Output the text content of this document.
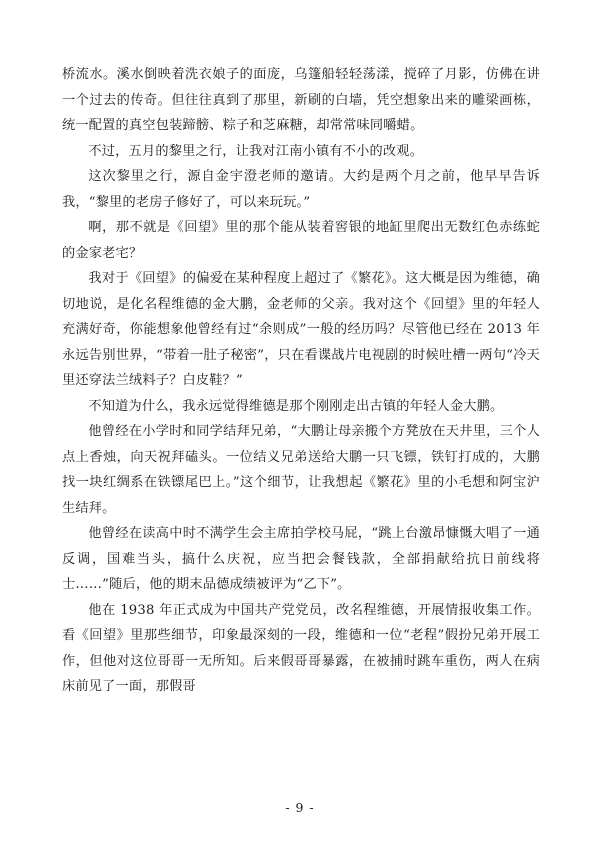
桥流水。溪水倒映着洗衣娘子的面庞，乌篷船轻轻荡漾，搅碎了月影，仿佛在讲一个过去的传奇。但往往真到了那里，新刷的白墙，凭空想象出来的雕梁画栋，统一配置的真空包装蹄髈、粽子和芝麻糖，却常常味同嚼蜡。

不过，五月的黎里之行，让我对江南小镇有不小的改观。

这次黎里之行，源自金宇澄老师的邀请。大约是两个月之前，他早早告诉我，“黎里的老房子修好了，可以来玩玩。”

啊，那不就是《回望》里的那个能从装着窖银的地缸里爬出无数红色赤练蛇的金家老宅？

我对于《回望》的偏爱在某种程度上超过了《繁花》。这大概是因为维德，确切地说，是化名程维德的金大鹏，金老师的父亲。我对这个《回望》里的年轻人充满好奇，你能想象他曾经有过“余则成”一般的经历吗？尽管他已经在 2013 年永远告别世界，“带着一肚子秘密”，只在看谍战片电视剧的时候吐槽一两句“冷天里还穿法兰绒料子？白皮鞋？”

不知道为什么，我永远觉得维德是那个刚刚走出古镇的年轻人金大鹏。

他曾经在小学时和同学结拜兄弟，“大鹏让母亲搬个方凳放在天井里，三个人点上香烛，向天祝拜磕头。一位结义兄弟送给大鹏一只飞镖，铁钉打成的，大鹏找一块红绸系在铁镖尾巴上。”这个细节，让我想起《繁花》里的小毛想和阿宝沪生结拜。

他曾经在读高中时不满学生会主席拍学校马屁，“跳上台激昂慷慨大唱了一通反调，国难当头，搞什么庆祝，应当把会餐钱款，全部捐献给抗日前线将士……”随后，他的期末品德成绩被评为“乙下”。

他在 1938 年正式成为中国共产党党员，改名程维德，开展情报收集工作。看《回望》里那些细节，印象最深刻的一段，维德和一位“老程”假扮兄弟开展工作，但他对这位哥哥一无所知。后来假哥哥暴露，在被捕时跳车重伤，两人在病床前见了一面，那假哥

- 9 -
